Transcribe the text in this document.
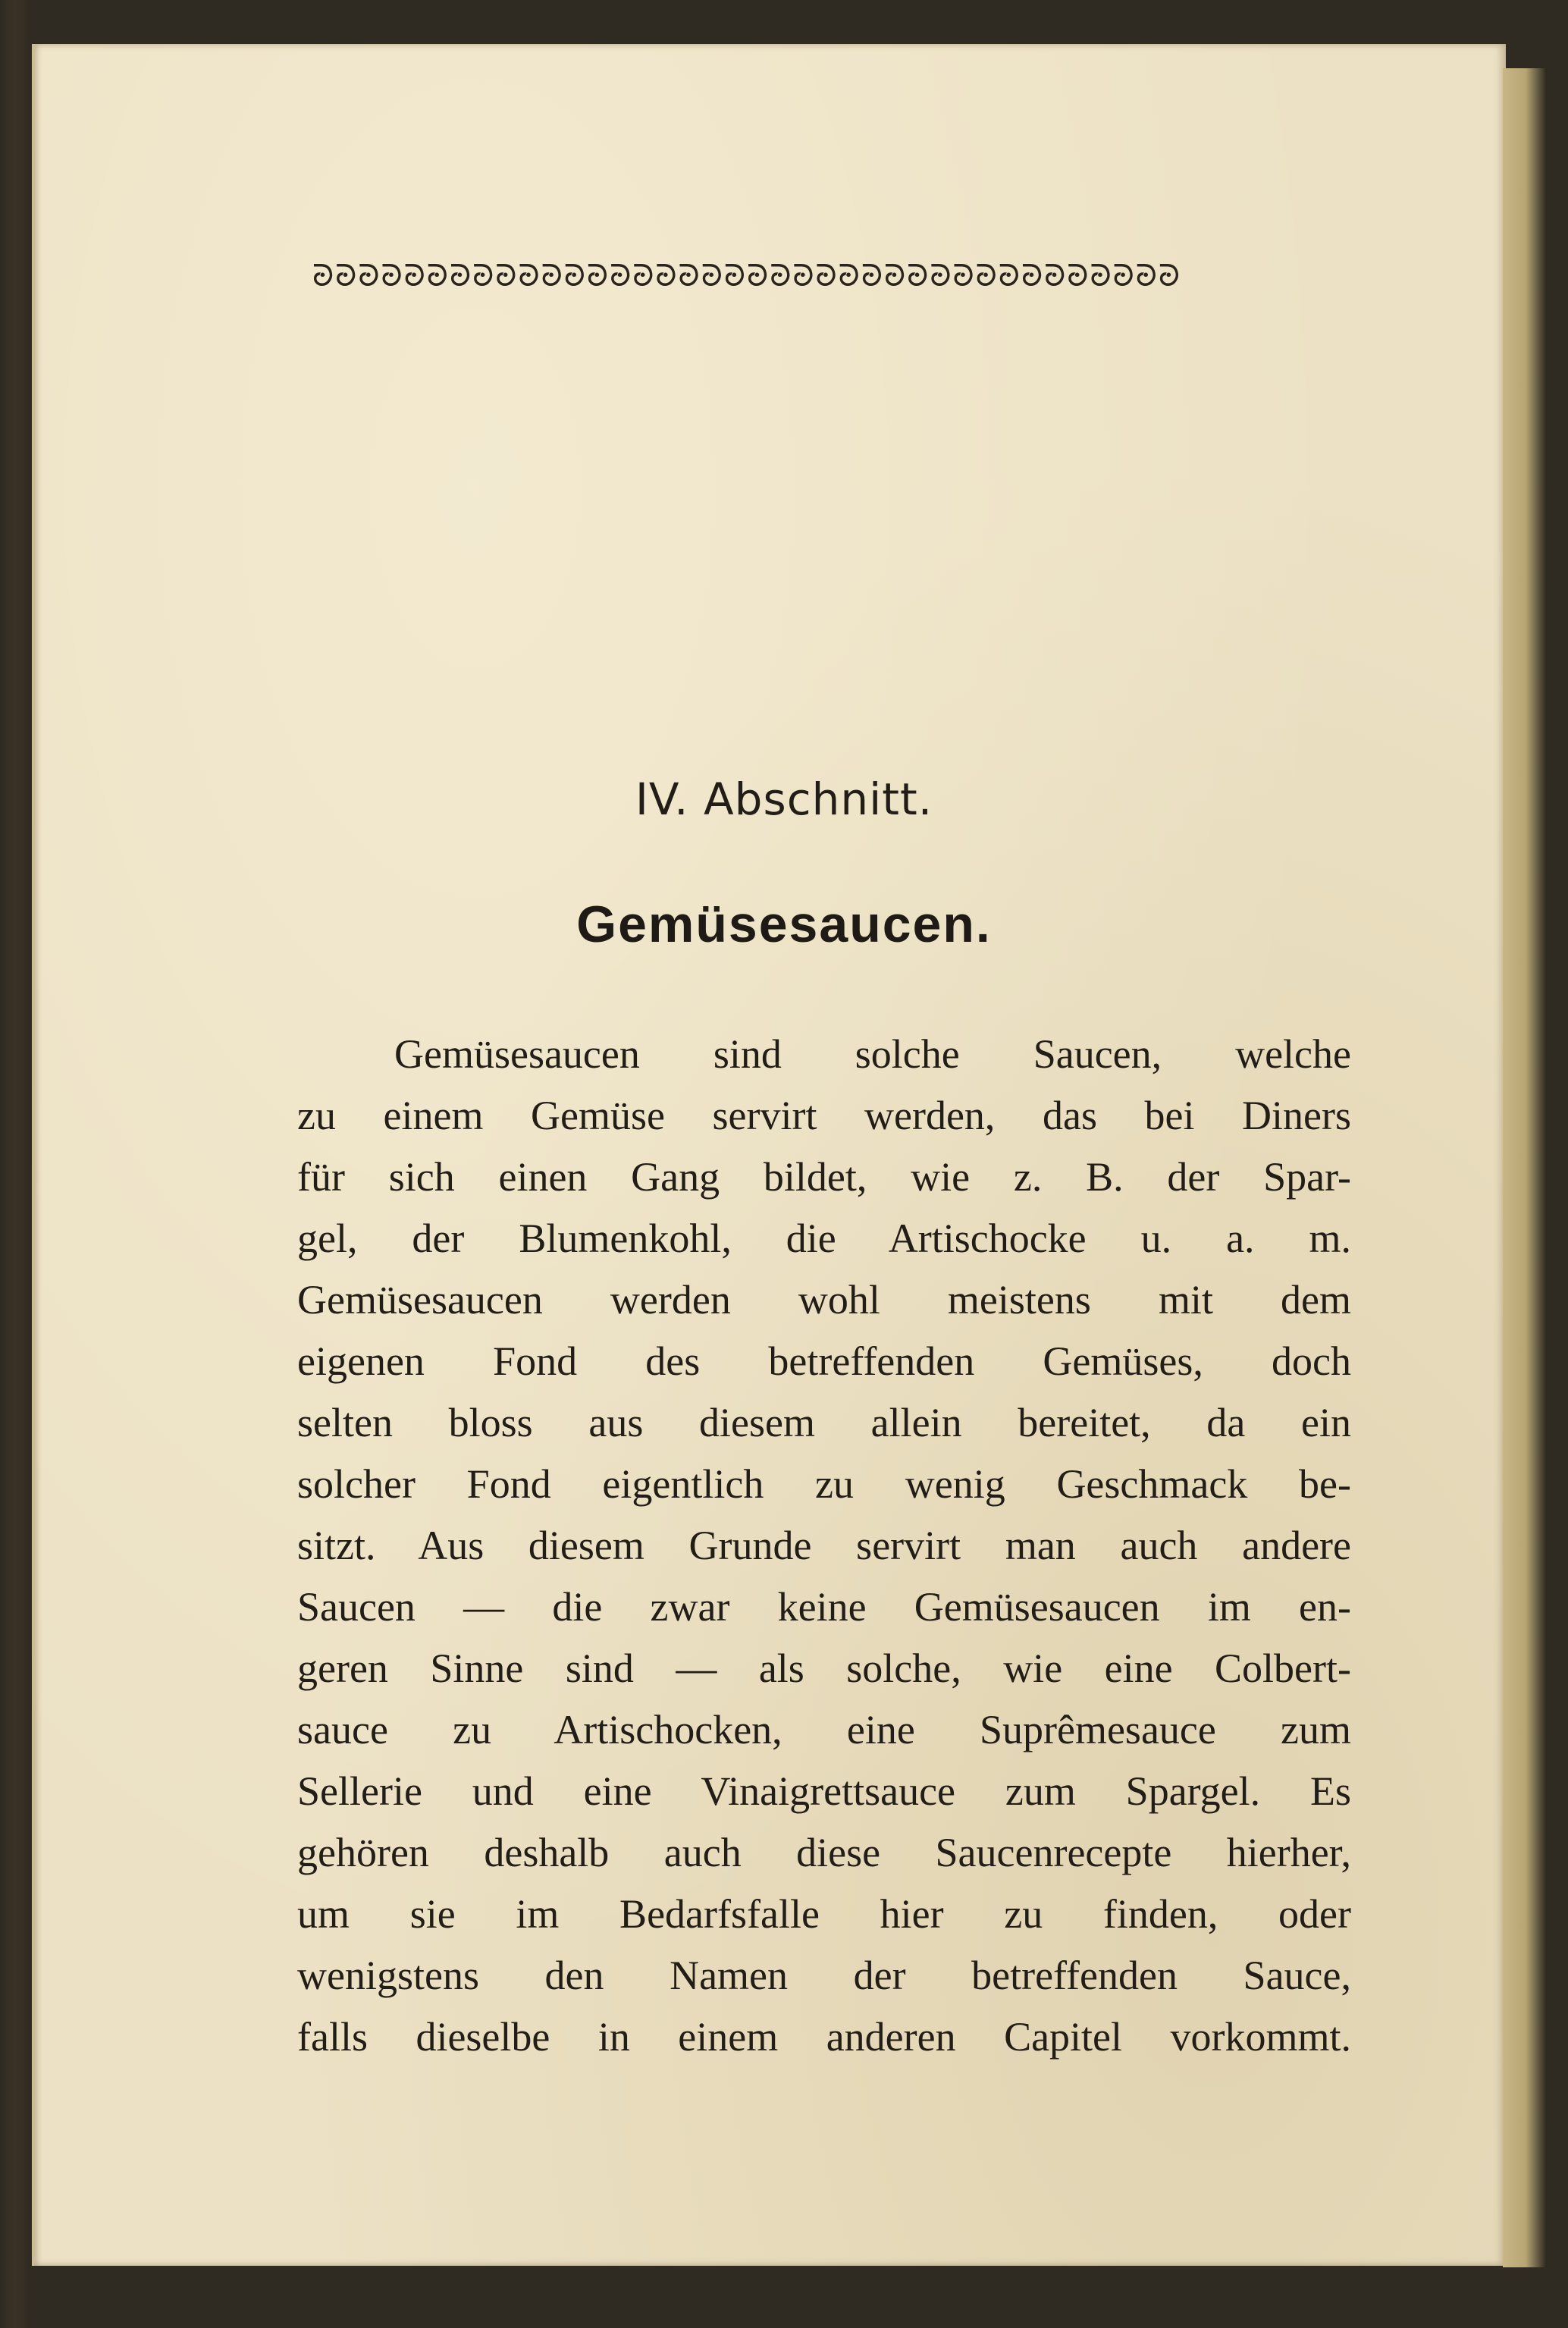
ᘒᘒᘒᘒᘒᘒᘒᘒᘒᘒᘒᘒᘒᘒᘒᘒᘒᘒᘒᘒᘒᘒᘒᘒᘒᘒᘒᘒᘒᘒᘒᘒᘒᘒᘒᘒᘒᘒ
IV. Abschnitt.
Gemüsesaucen.
Gemüsesaucen sind solche Saucen, welche
zu einem Gemüse servirt werden, das bei Diners
für sich einen Gang bildet, wie z. B. der Spar-
gel, der Blumenkohl, die Artischocke u. a. m.
Gemüsesaucen werden wohl meistens mit dem
eigenen Fond des betreffenden Gemüses, doch
selten bloss aus diesem allein bereitet, da ein
solcher Fond eigentlich zu wenig Geschmack be-
sitzt. Aus diesem Grunde servirt man auch andere
Saucen — die zwar keine Gemüsesaucen im en-
geren Sinne sind — als solche, wie eine Colbert-
sauce zu Artischocken, eine Suprêmesauce zum
Sellerie und eine Vinaigrettsauce zum Spargel. Es
gehören deshalb auch diese Saucenrecepte hierher,
um sie im Bedarfsfalle hier zu finden, oder
wenigstens den Namen der betreffenden Sauce,
falls dieselbe in einem anderen Capitel vorkommt.
